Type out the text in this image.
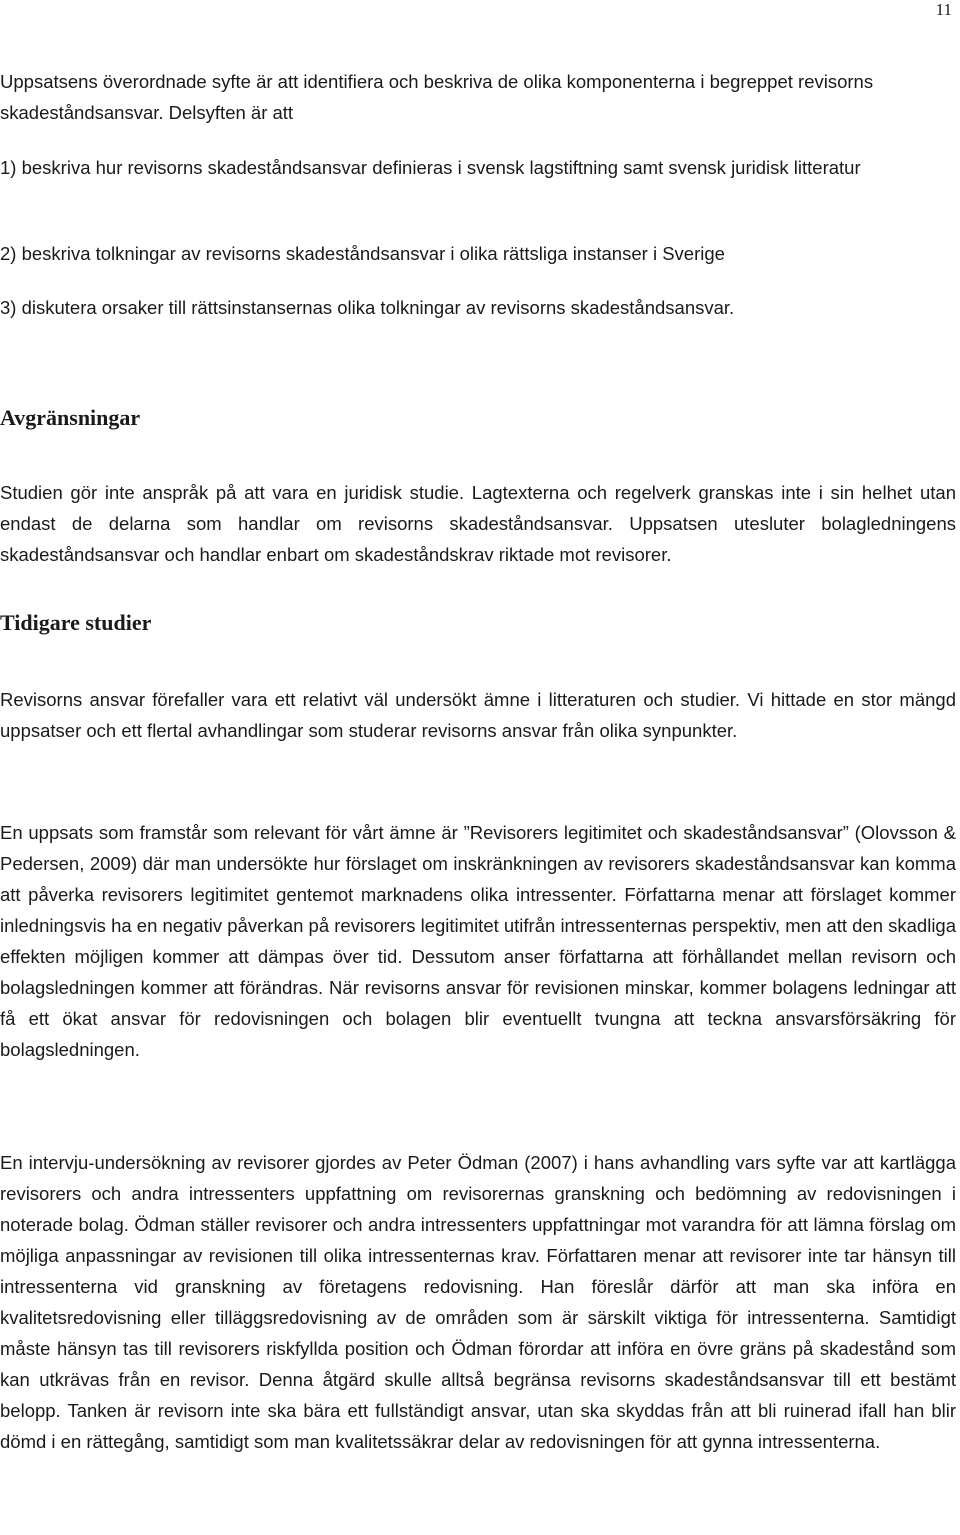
11

Uppsatsens överordnade syfte är att identifiera och beskriva de olika komponenterna i begreppet revisorns skadeståndsansvar. Delsyften är att

1) beskriva hur revisorns skadeståndsansvar definieras i svensk lagstiftning samt svensk juridisk litteratur

2) beskriva tolkningar av revisorns skadeståndsansvar i olika rättsliga instanser i Sverige

3) diskutera orsaker till rättsinstansernas olika tolkningar av revisorns skadeståndsansvar.

Avgränsningar

Studien gör inte anspråk på att vara en juridisk studie. Lagtexterna och regelverk granskas inte i sin helhet utan endast de delarna som handlar om revisorns skadeståndsansvar. Uppsatsen utesluter bolagledningens skadeståndsansvar och handlar enbart om skadeståndskrav riktade mot revisorer.

Tidigare studier

Revisorns ansvar förefaller vara ett relativt väl undersökt ämne i litteraturen och studier. Vi hittade en stor mängd uppsatser och ett flertal avhandlingar som studerar revisorns ansvar från olika synpunkter.

En uppsats som framstår som relevant för vårt ämne är ”Revisorers legitimitet och skadeståndsansvar” (Olovsson & Pedersen, 2009) där man undersökte hur förslaget om inskränkningen av revisorers skadeståndsansvar kan komma att påverka revisorers legitimitet gentemot marknadens olika intressenter. Författarna menar att förslaget kommer inledningsvis ha en negativ påverkan på revisorers legitimitet utifrån intressenternas perspektiv, men att den skadliga effekten möjligen kommer att dämpas över tid. Dessutom anser författarna att förhållandet mellan revisorn och bolagsledningen kommer att förändras. När revisorns ansvar för revisionen minskar, kommer bolagens ledningar att få ett ökat ansvar för redovisningen och bolagen blir eventuellt tvungna att teckna ansvarsförsäkring för bolagsledningen.

En intervju-undersökning av revisorer gjordes av Peter Ödman (2007) i hans avhandling vars syfte var att kartlägga revisorers och andra intressenters uppfattning om revisorernas granskning och bedömning av redovisningen i noterade bolag. Ödman ställer revisorer och andra intressenters uppfattningar mot varandra för att lämna förslag om möjliga anpassningar av revisionen till olika intressenternas krav. Författaren menar att revisorer inte tar hänsyn till intressenterna vid granskning av företagens redovisning. Han föreslår därför att man ska införa en kvalitetsredovisning eller tilläggsredovisning av de områden som är särskilt viktiga för intressenterna. Samtidigt måste hänsyn tas till revisorers riskfyllda position och Ödman förordar att införa en övre gräns på skadestånd som kan utkrävas från en revisor. Denna åtgärd skulle alltså begränsa revisorns skadeståndsansvar till ett bestämt belopp. Tanken är revisorn inte ska bära ett fullständigt ansvar, utan ska skyddas från att bli ruinerad ifall han blir dömd i en rättegång, samtidigt som man kvalitetssäkrar delar av redovisningen för att gynna intressenterna.
